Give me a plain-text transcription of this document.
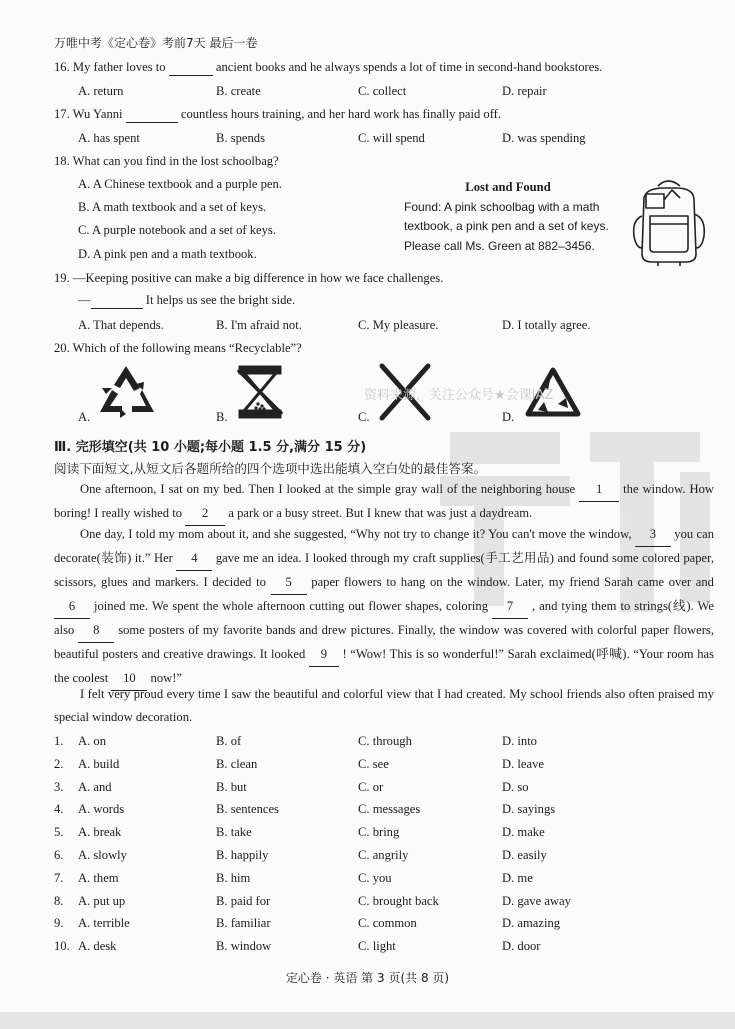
万唯中考《定心卷》考前7天 最后一卷
16. My father loves to	ancient books and he always spends a lot of time in second-hand bookstores.
A. return	B. create	C. collect	D. repair
17. Wu Yanni	countless hours training, and her hard work has finally paid off.
A. has spent	B. spends	C. will spend	D. was spending
18. What can you find in the lost schoolbag?
A. A Chinese textbook and a purple pen.
B. A math textbook and a set of keys.
C. A purple notebook and a set of keys.
D. A pink pen and a math textbook.
Lost and Found
Found: A pink schoolbag with a math
textbook, a pink pen and a set of keys.
Please call Ms. Green at 882–3456.
19. —Keeping positive can make a big difference in how we face challenges.
—	It helps us see the bright side.
A. That depends.	B. I'm afraid not.	C. My pleasure.	D. I totally agree.
20. Which of the following means “Recyclable”?
A.	B.	C.	D.
资料来源，关注公众号★会课IAZ
Ⅲ. 完形填空(共 10 小题;每小题 1.5 分,满分 15 分)
阅读下面短文,从短文后各题所给的四个选项中选出能填入空白处的最佳答案。
One afternoon, I sat on my bed. Then I looked at the simple gray wall of the neighboring house 1 the window. How boring! I really wished to 2 a park or a busy street. But I knew that was just a daydream.
One day, I told my mom about it, and she suggested, “Why not try to change it? You can't move the window, 3 you can decorate(装饰) it.” Her 4 gave me an idea. I looked through my craft supplies(手工艺用品) and found some colored paper, scissors, glues and markers. I decided to 5 paper flowers to hang on the window. Later, my friend Sarah came over and 6 joined me. We spent the whole afternoon cutting out flower shapes, coloring 7 , and tying them to strings(线). We also 8 some posters of my favorite bands and drew pictures. Finally, the window was covered with colorful paper flowers, beautiful posters and creative drawings. It looked 9 ! “Wow! This is so wonderful!” Sarah exclaimed(呼喊). “Your room has the coolest 10 now!”
I felt very proud every time I saw the beautiful and colorful view that I had created. My school friends also often praised my special window decoration.
1. A. on	B. of	C. through	D. into
2. A. build	B. clean	C. see	D. leave
3. A. and	B. but	C. or	D. so
4. A. words	B. sentences	C. messages	D. sayings
5. A. break	B. take	C. bring	D. make
6. A. slowly	B. happily	C. angrily	D. easily
7. A. them	B. him	C. you	D. me
8. A. put up	B. paid for	C. brought back	D. gave away
9. A. terrible	B. familiar	C. common	D. amazing
10. A. desk	B. window	C. light	D. door
定心卷 · 英语 第 3 页(共 8 页)
